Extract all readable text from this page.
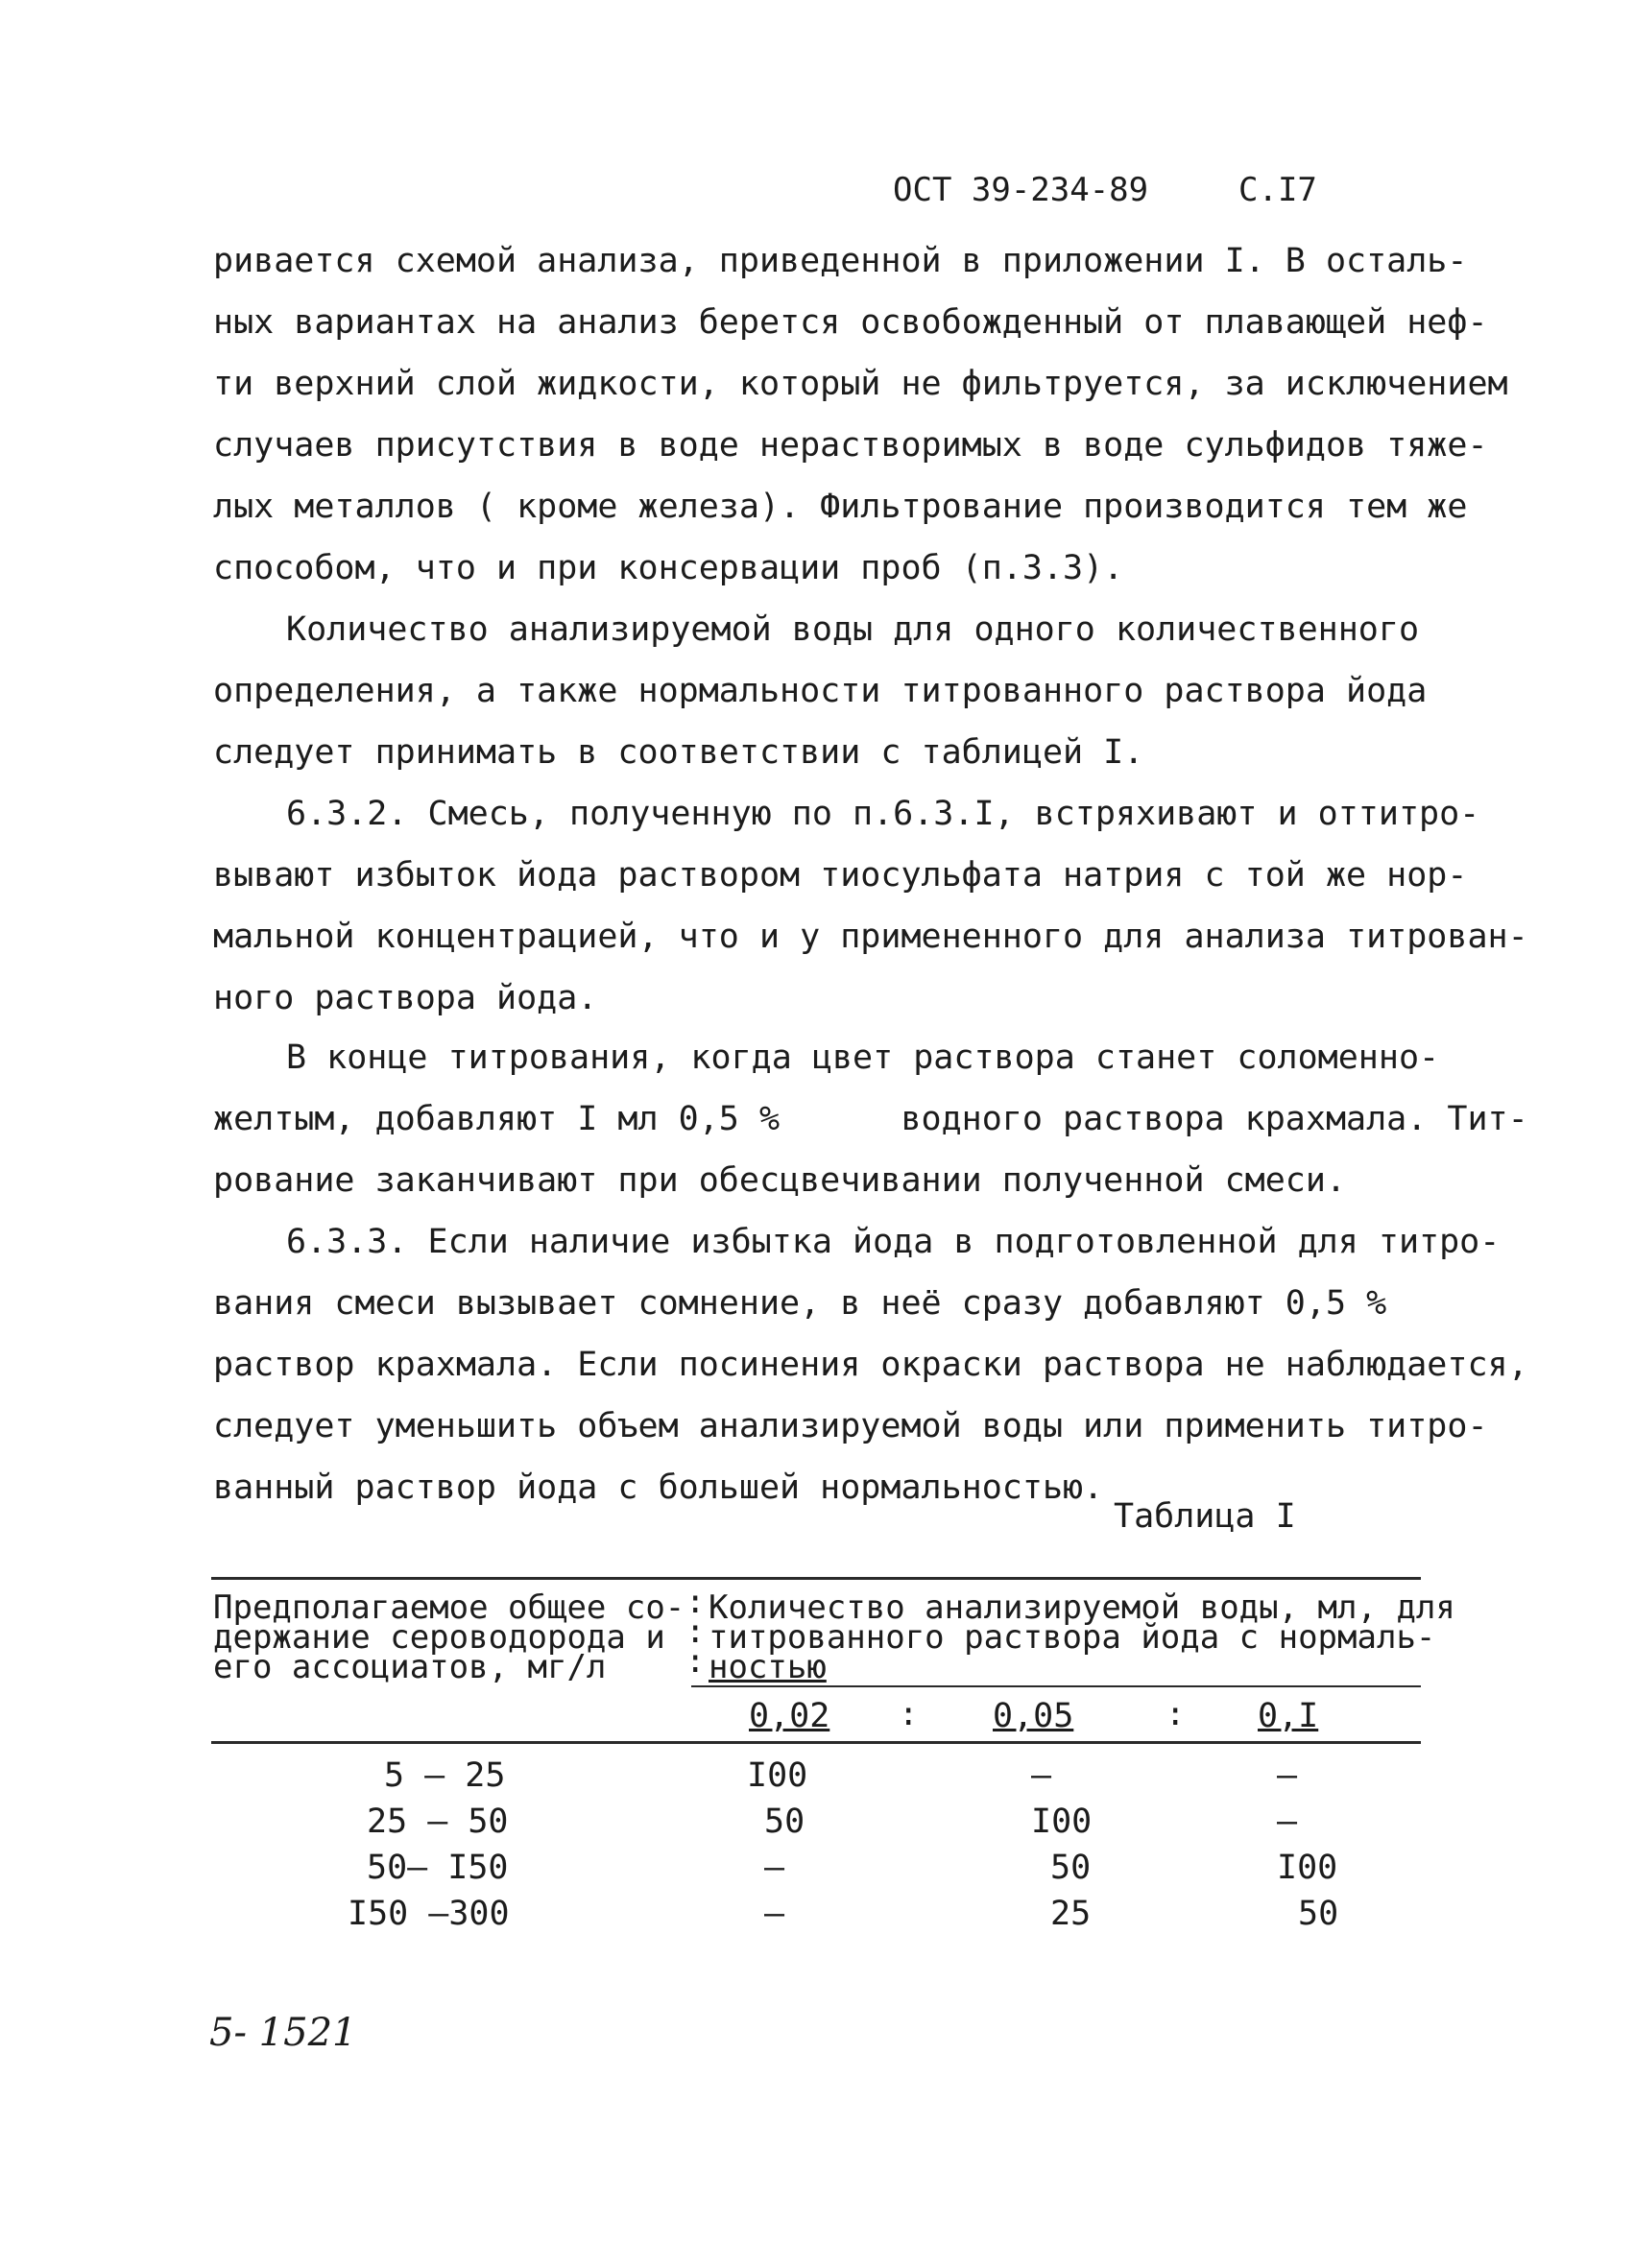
ОСТ 39-234-89	С.I7
ривается схемой анализа, приведенной в приложении I. В осталь-
ных вариантах на анализ берется освобожденный от плавающей неф-
ти верхний слой жидкости, который не фильтруется, за исключением
случаев присутствия в воде нерастворимых в воде сульфидов тяже-
лых металлов ( кроме железа). Фильтрование производится тем же
способом, что и при консервации проб (п.3.3).
Количество анализируемой воды для одного количественного
определения, а также нормальности титрованного раствора йода
следует принимать в соответствии с таблицей I.
6.3.2. Смесь, полученную по п.6.3.I, встряхивают и оттитро-
вывают избыток йода раствором тиосульфата натрия с той же нор-
мальной концентрацией, что и у примененного для анализа титрован-
ного раствора йода.
В конце титрования, когда цвет раствора станет соломенно-
желтым, добавляют I мл 0,5 %      водного раствора крахмала. Тит-
рование заканчивают при обесцвечивании полученной смеси.
6.3.3. Если наличие избытка йода в подготовленной для титро-
вания смеси вызывает сомнение, в неё сразу добавляют 0,5 %
раствор крахмала. Если посинения окраски раствора не наблюдается,
следует уменьшить объем анализируемой воды или применить титро-
ванный раствор йода с большей нормальностью.
Таблица I
Предполагаемое общее со-
держание сероводорода и
его ассоциатов, мг/л
:
:
:
Количество анализируемой воды, мл, для
титрованного раствора йода с нормаль-
ностью
0,02 : 0,05	: 0,I
5 – 25	I00	–	–
25 – 50	50	I00	–
50– I50	–	50	I00
I50 –300	–	25	50
5- 1521
